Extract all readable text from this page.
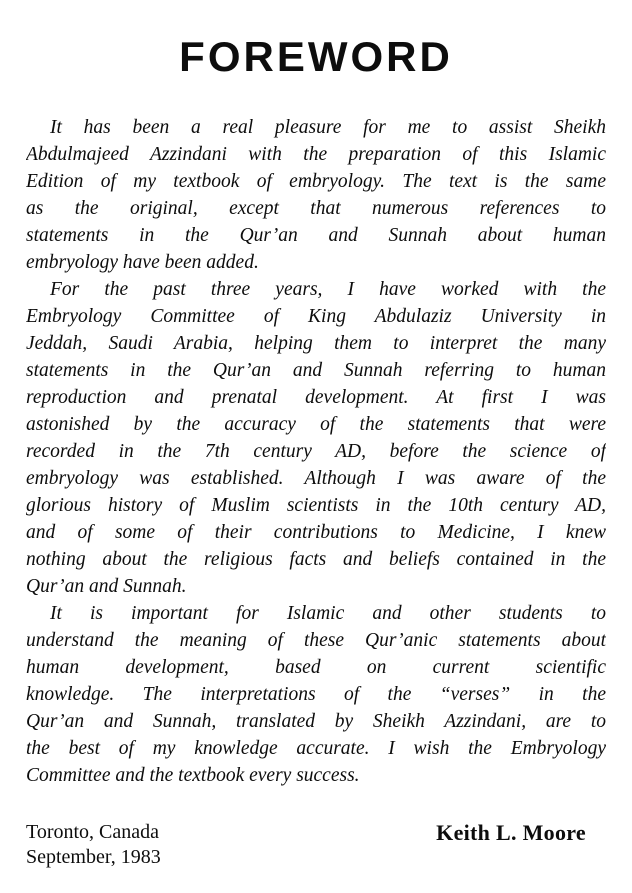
FOREWORD
It has been a real pleasure for me to assist Sheikh
Abdulmajeed Azzindani with the preparation of this Islamic
Edition of my textbook of embryology. The text is the same
as the original, except that numerous references to
statements in the Qur’an and Sunnah about human
embryology have been added.
For the past three years, I have worked with the
Embryology Committee of King Abdulaziz University in
Jeddah, Saudi Arabia, helping them to interpret the many
statements in the Qur’an and Sunnah referring to human
reproduction and prenatal development. At first I was
astonished by the accuracy of the statements that were
recorded in the 7th century AD, before the science of
embryology was established. Although I was aware of the
glorious history of Muslim scientists in the 10th century AD,
and of some of their contributions to Medicine, I knew
nothing about the religious facts and beliefs contained in the
Qur’an and Sunnah.
It is important for Islamic and other students to
understand the meaning of these Qur’anic statements about
human development, based on current scientific
knowledge. The interpretations of the “verses” in the
Qur’an and Sunnah, translated by Sheikh Azzindani, are to
the best of my knowledge accurate. I wish the Embryology
Committee and the textbook every success.
Toronto, Canada
September, 1983
Keith L. Moore
